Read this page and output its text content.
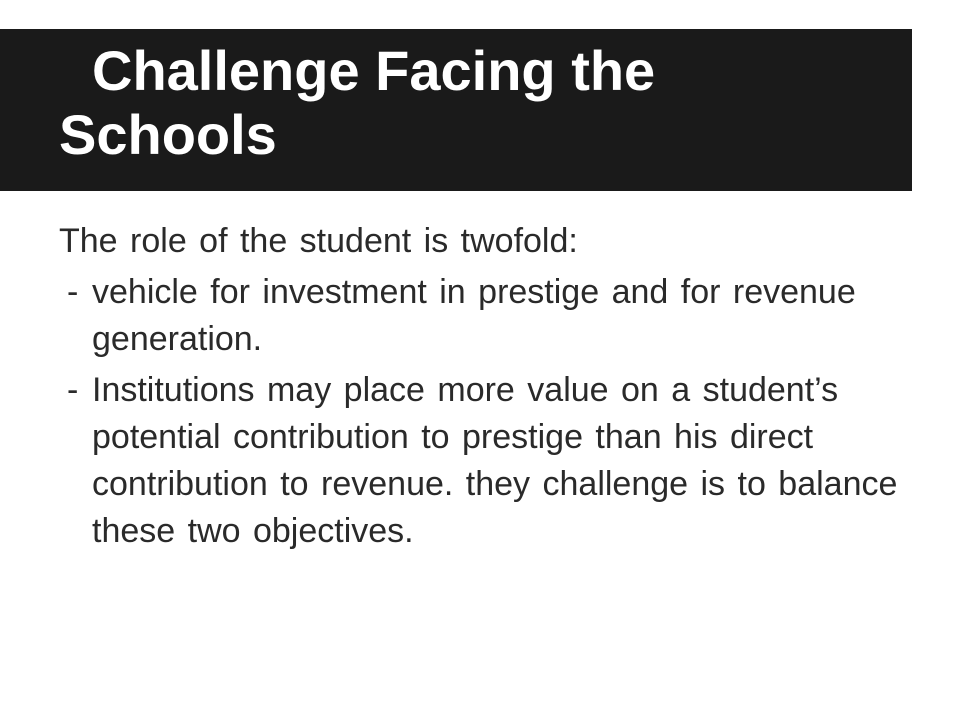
Challenge Facing the Schools

The role of the student is twofold:

- vehicle for investment in prestige and for revenue generation.

- Institutions may place more value on a student’s potential contribution to prestige than his direct contribution to revenue. they challenge is to balance these two objectives.
